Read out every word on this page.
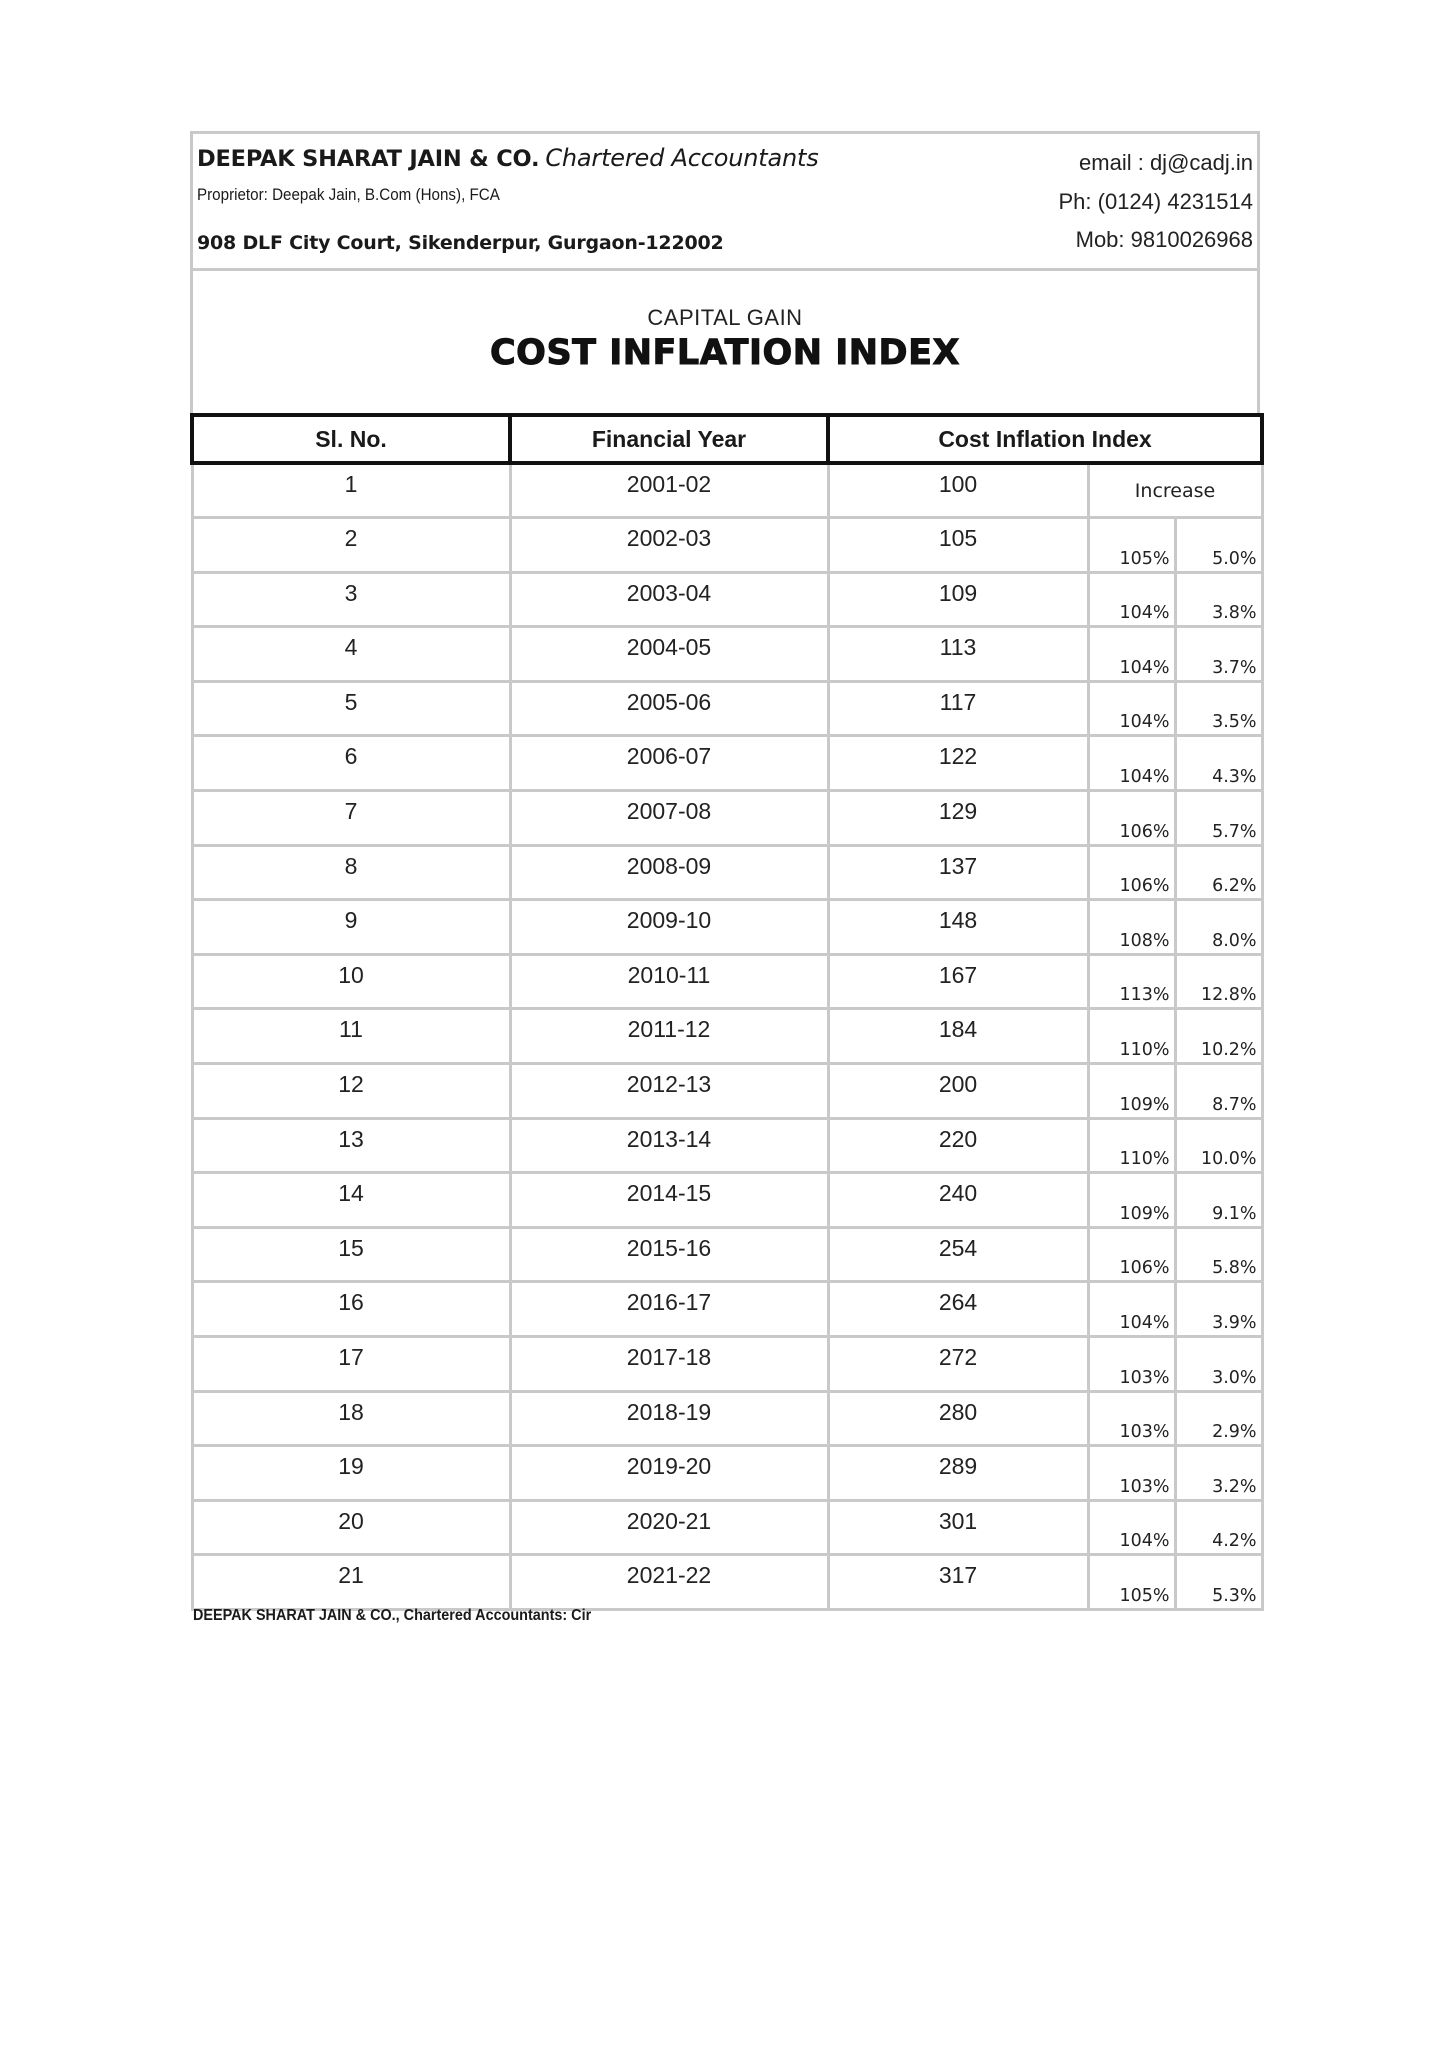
DEEPAK SHARAT JAIN & CO. Chartered Accountants
Proprietor: Deepak Jain, B.Com (Hons), FCA
908 DLF City Court, Sikenderpur, Gurgaon-122002
email : dj@cadj.in
Ph: (0124) 4231514
Mob: 9810026968
CAPITAL GAIN
COST INFLATION INDEX
Sl. No.	Financial Year	Cost Inflation Index		
1	2001-02	100	Increase	
2	2002-03	105	105%	5.0%
3	2003-04	109	104%	3.8%
4	2004-05	113	104%	3.7%
5	2005-06	117	104%	3.5%
6	2006-07	122	104%	4.3%
7	2007-08	129	106%	5.7%
8	2008-09	137	106%	6.2%
9	2009-10	148	108%	8.0%
10	2010-11	167	113%	12.8%
11	2011-12	184	110%	10.2%
12	2012-13	200	109%	8.7%
13	2013-14	220	110%	10.0%
14	2014-15	240	109%	9.1%
15	2015-16	254	106%	5.8%
16	2016-17	264	104%	3.9%
17	2017-18	272	103%	3.0%
18	2018-19	280	103%	2.9%
19	2019-20	289	103%	3.2%
20	2020-21	301	104%	4.2%
21	2021-22	317	105%	5.3%
DEEPAK SHARAT JAIN & CO., Chartered Accountants: Cir
